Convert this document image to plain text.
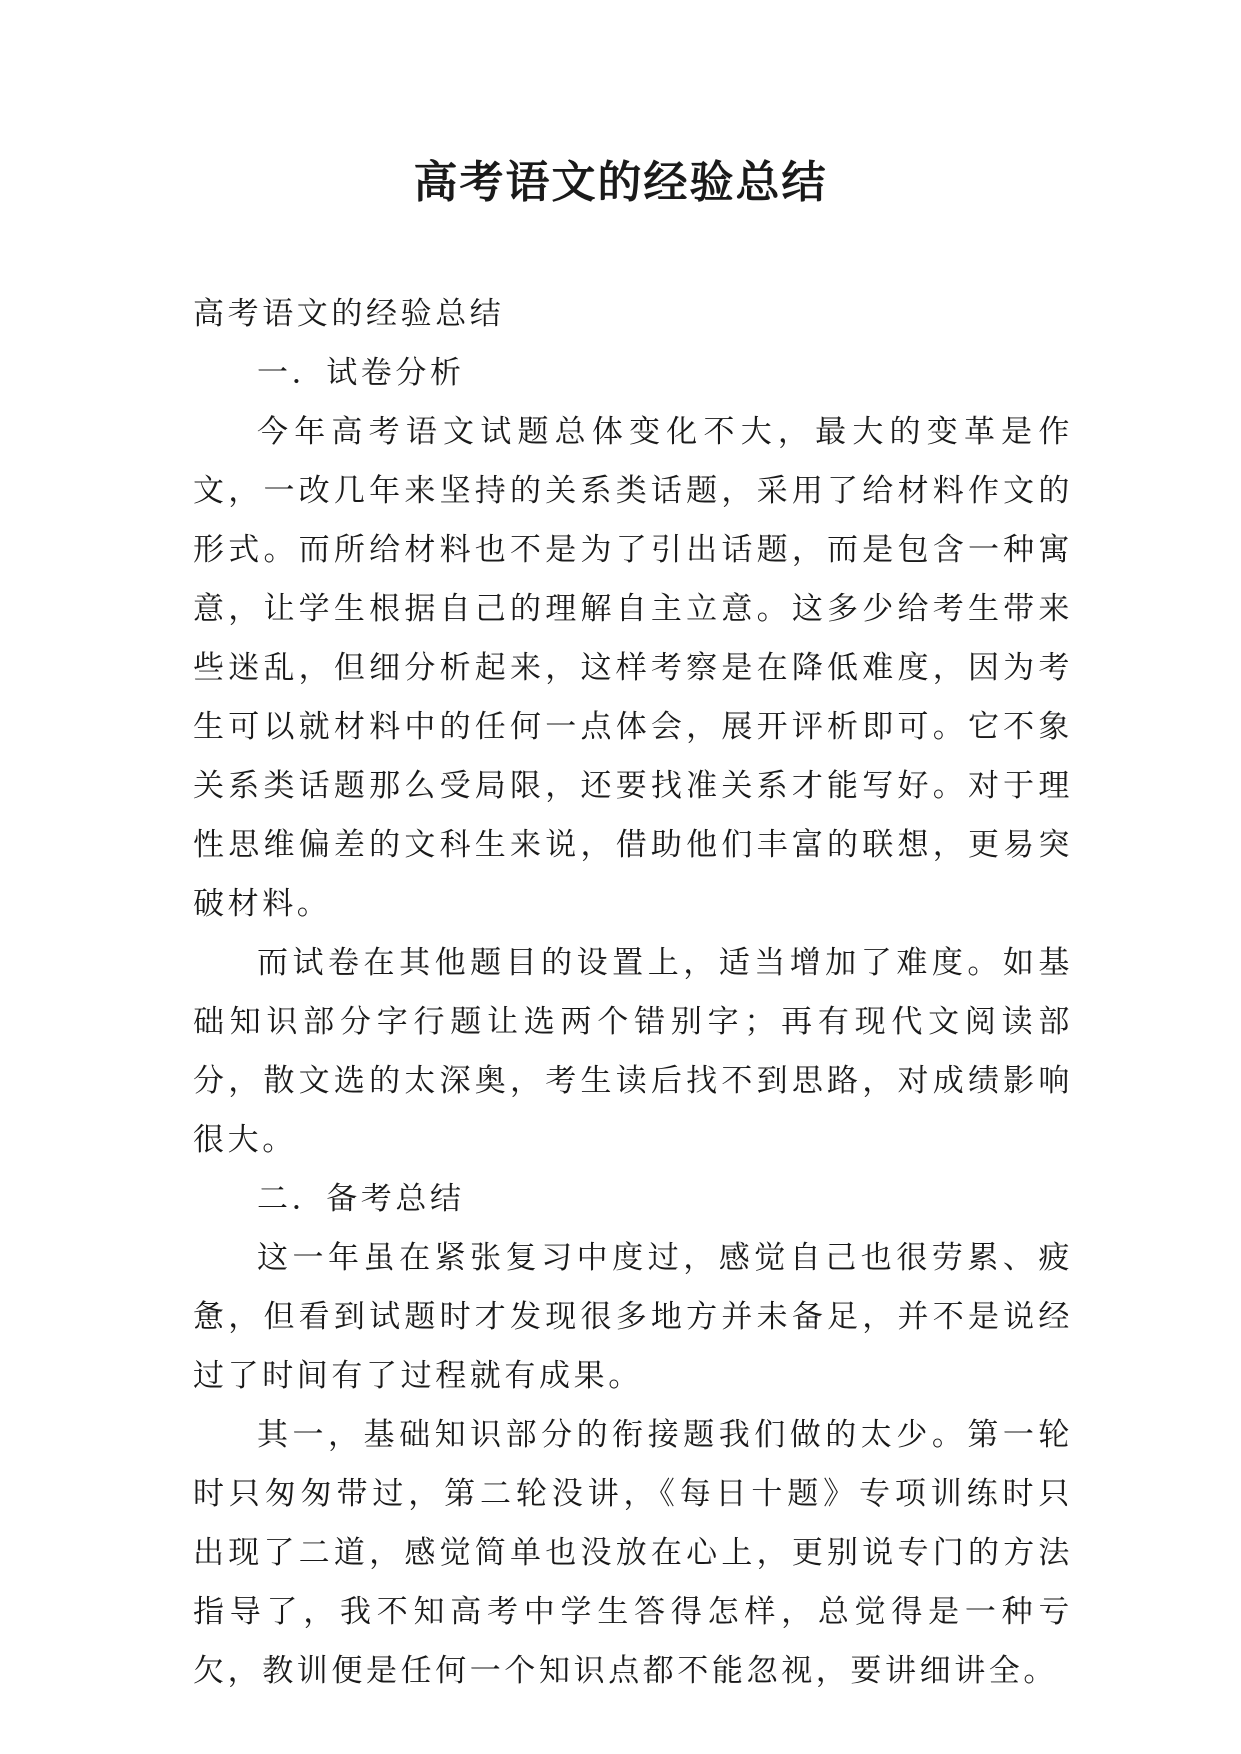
高考语文的经验总结

高考语文的经验总结

一．试卷分析

今年高考语文试题总体变化不大，最大的变革是作文，一改几年来坚持的关系类话题，采用了给材料作文的形式。而所给材料也不是为了引出话题，而是包含一种寓意，让学生根据自己的理解自主立意。这多少给考生带来些迷乱，但细分析起来，这样考察是在降低难度，因为考生可以就材料中的任何一点体会，展开评析即可。它不象关系类话题那么受局限，还要找准关系才能写好。对于理性思维偏差的文科生来说，借助他们丰富的联想，更易突破材料。

而试卷在其他题目的设置上，适当增加了难度。如基础知识部分字行题让选两个错别字；再有现代文阅读部分，散文选的太深奥，考生读后找不到思路，对成绩影响很大。

二．备考总结

这一年虽在紧张复习中度过，感觉自己也很劳累、疲惫，但看到试题时才发现很多地方并未备足，并不是说经过了时间有了过程就有成果。

其一，基础知识部分的衔接题我们做的太少。第一轮时只匆匆带过，第二轮没讲，《每日十题》专项训练时只出现了二道，感觉简单也没放在心上，更别说专门的方法指导了，我不知高考中学生答得怎样，总觉得是一种亏欠，教训便是任何一个知识点都不能忽视，要讲细讲全。
